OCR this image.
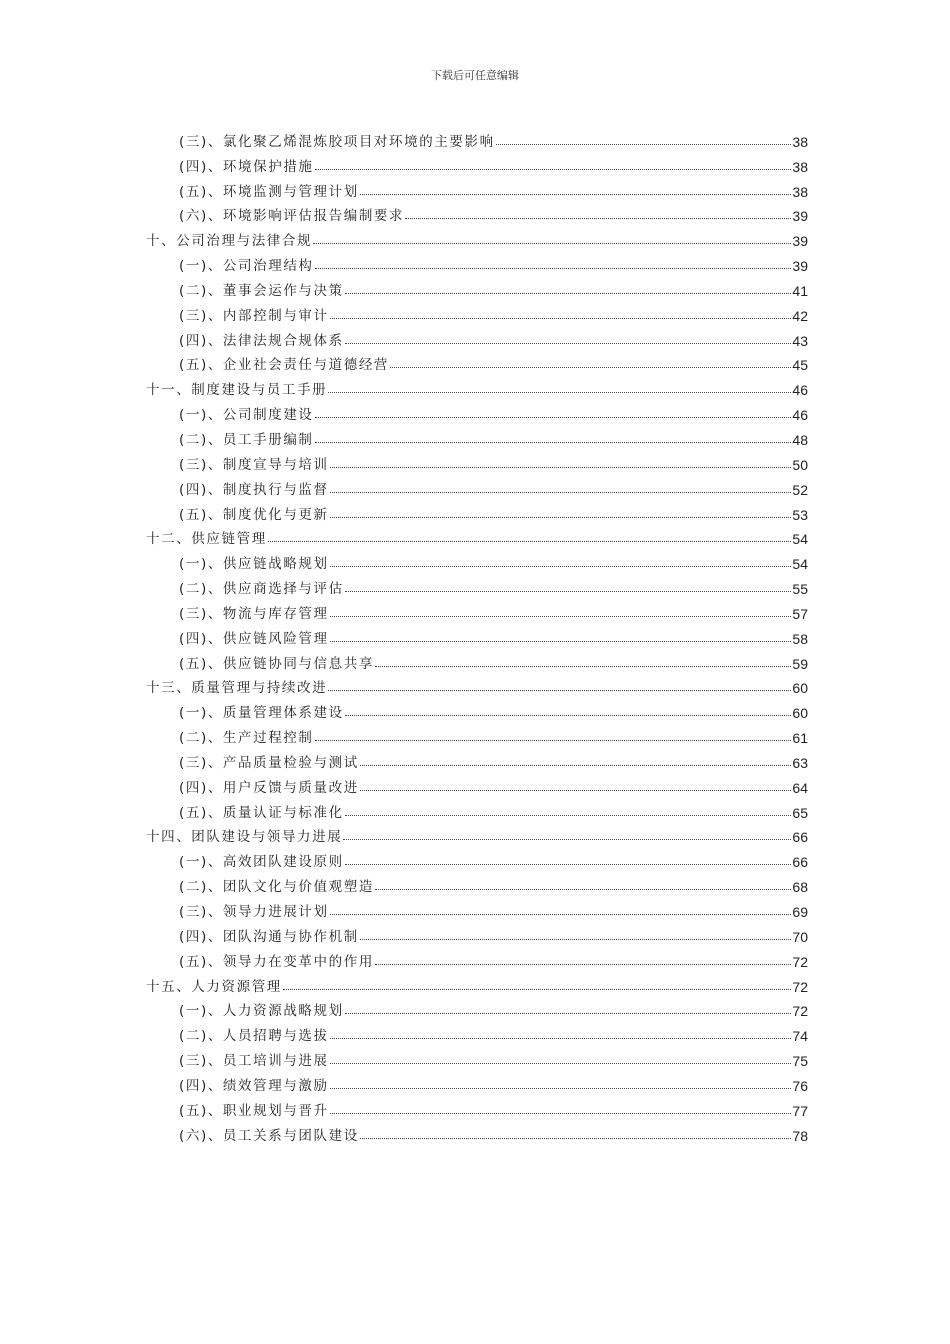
下载后可任意编辑
(三)、氯化聚乙烯混炼胶项目对环境的主要影响	38
(四)、环境保护措施	38
(五)、环境监测与管理计划	38
(六)、环境影响评估报告编制要求	39
十、公司治理与法律合规	39
(一)、公司治理结构	39
(二)、董事会运作与决策	41
(三)、内部控制与审计	42
(四)、法律法规合规体系	43
(五)、企业社会责任与道德经营	45
十一、制度建设与员工手册	46
(一)、公司制度建设	46
(二)、员工手册编制	48
(三)、制度宣导与培训	50
(四)、制度执行与监督	52
(五)、制度优化与更新	53
十二、供应链管理	54
(一)、供应链战略规划	54
(二)、供应商选择与评估	55
(三)、物流与库存管理	57
(四)、供应链风险管理	58
(五)、供应链协同与信息共享	59
十三、质量管理与持续改进	60
(一)、质量管理体系建设	60
(二)、生产过程控制	61
(三)、产品质量检验与测试	63
(四)、用户反馈与质量改进	64
(五)、质量认证与标准化	65
十四、团队建设与领导力进展	66
(一)、高效团队建设原则	66
(二)、团队文化与价值观塑造	68
(三)、领导力进展计划	69
(四)、团队沟通与协作机制	70
(五)、领导力在变革中的作用	72
十五、人力资源管理	72
(一)、人力资源战略规划	72
(二)、人员招聘与选拔	74
(三)、员工培训与进展	75
(四)、绩效管理与激励	76
(五)、职业规划与晋升	77
(六)、员工关系与团队建设	78
